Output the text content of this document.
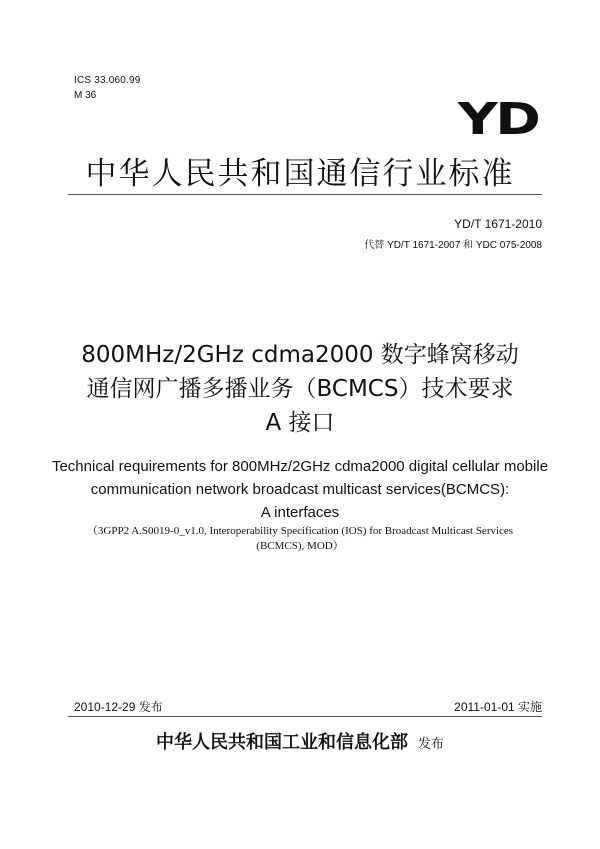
ICS 33.060.99
M 36	YD
中华人民共和国通信行业标准
YD/T 1671-2010
代替 YD/T 1671-2007 和 YDC 075-2008
800MHz/2GHz cdma2000 数字蜂窝移动
通信网广播多播业务（BCMCS）技术要求
A 接口
Technical requirements for 800MHz/2GHz cdma2000 digital cellular mobile
communication network broadcast multicast services(BCMCS):
A interfaces
（3GPP2 A.S0019-0_v1.0, Interoperability Specification (IOS) for Broadcast Multicast Services
(BCMCS), MOD）
2010-12-29 发布	2011-01-01 实施
中华人民共和国工业和信息化部 发布
